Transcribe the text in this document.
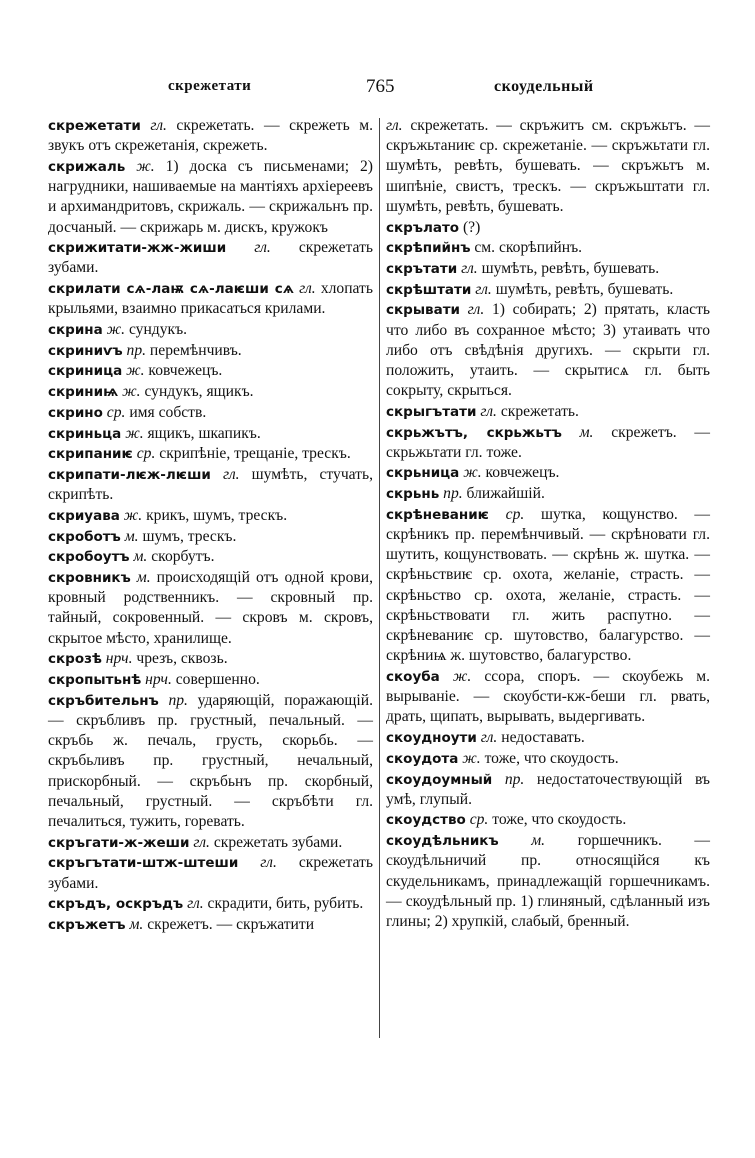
скрежетати	765	скоудельный
скрежетати гл. скрежетать. — скрежеть м. звукъ отъ скрежетанія, скрежеть.
скрижаль ж. 1) доска съ письменами; 2) нагрудники, нашиваемые на мантіяхъ архіереевъ и архимандритовъ, скрижаль. — скрижальнъ пр. досчаный. — скрижарь м. дискъ, кружокъ
скрижитати-жж-жиши гл. скрежетать зубами.
скрилати сѧ-лаѭ сѧ-лаѥши сѧ гл. хлопать крыльями, взаимно прикасаться крилами.
скрина ж. сундукъ.
скриниѵъ пр. перемѣнчивъ.
скриница ж. ковчежецъ.
скриниѩ ж. сундукъ, ящикъ.
скрино ср. имя собств.
скриньца ж. ящикъ, шкапикъ.
скрипаниѥ ср. скрипѣніе, трещаніе, трескъ.
скрипати-лѥж-лѥши гл. шумѣть, стучать, скрипѣть.
скриуава ж. крикъ, шумъ, трескъ.
скроботъ м. шумъ, трескъ.
скробоутъ м. скорбутъ.
скровникъ м. происходящій отъ одной крови, кровный родственникъ. — скровный пр. тайный, сокровенный. — скровъ м. скровъ, скрытое мѣсто, хранилище.
скрозѣ нрч. чрезъ, сквозь.
скропытьнѣ нрч. совершенно.
скръбительнъ пр. ударяющій, поражающій. — скръбливъ пр. грустный, печальный. — скръбь ж. печаль, грусть, скорьбь. — скръбьливъ пр. грустный, нечальный, прискорбный. — скръбьнъ пр. скорбный, печальный, грустный. — скръбѣти гл. печалиться, тужить, горевать.
скръгати-ж-жеши гл. скрежетать зубами.
скръгътати-штж-штеши гл. скрежетать зубами.
скръдъ, оскръдъ гл. скрадити, бить, рубить.
скръжетъ м. скрежетъ. — скръжатити
гл. скрежетать. — скръжитъ см. скръжьтъ. — скръжьтаниѥ ср. скрежетаніе. — скръжьтати гл. шумѣть, ревѣть, бушевать. — скръжьтъ м. шипѣніе, свистъ, трескъ. — скръжьштати гл. шумѣть, ревѣть, бушевать.
скрълато (?)
скрѣпийнъ см. скорѣпийнъ.
скрътати гл. шумѣть, ревѣть, бушевать.
скрѣштати гл. шумѣть, ревѣть, бушевать.
скрывати гл. 1) собирать; 2) прятать, класть что либо въ сохранное мѣсто; 3) утаивать что либо отъ свѣдѣнія другихъ. — скрыти гл. положить, утаить. — скрытисѧ гл. быть сокрыту, скрыться.
скрыгътати гл. скрежетать.
скрьжътъ, скрьжьтъ м. скрежетъ. — скрьжьтати гл. тоже.
скрьница ж. ковчежецъ.
скрьнь пр. ближайшій.
скрѣневаниѥ ср. шутка, кощунство. — скрѣникъ пр. перемѣнчивый. — скрѣновати гл. шутить, кощунствовать. — скрѣнь ж. шутка. — скрѣньствиѥ ср. охота, желаніе, страсть. — скрѣньство ср. охота, желаніе, страсть. — скрѣньствовати гл. жить распутно. — скрѣневаниѥ ср. шутовство, балагурство. — скрѣниѩ ж. шутовство, балагурство.
скоуба ж. ссора, споръ. — скоубежь м. вырываніе. — скоубсти-кж-беши гл. рвать, драть, щипать, вырывать, выдергивать.
скоудноути гл. недоставать.
скоудота ж. тоже, что скоудость.
скоудоумный пр. недостаточествующій въ умѣ, глупый.
скоудство ср. тоже, что скоудость.
скоудѣльникъ м. горшечникъ. — скоудѣльничий пр. относящійся къ скудельникамъ, принадлежащій горшечникамъ. — скоудѣльный пр. 1) глиняный, сдѣланный изъ глины; 2) хрупкій, слабый, бренный.
